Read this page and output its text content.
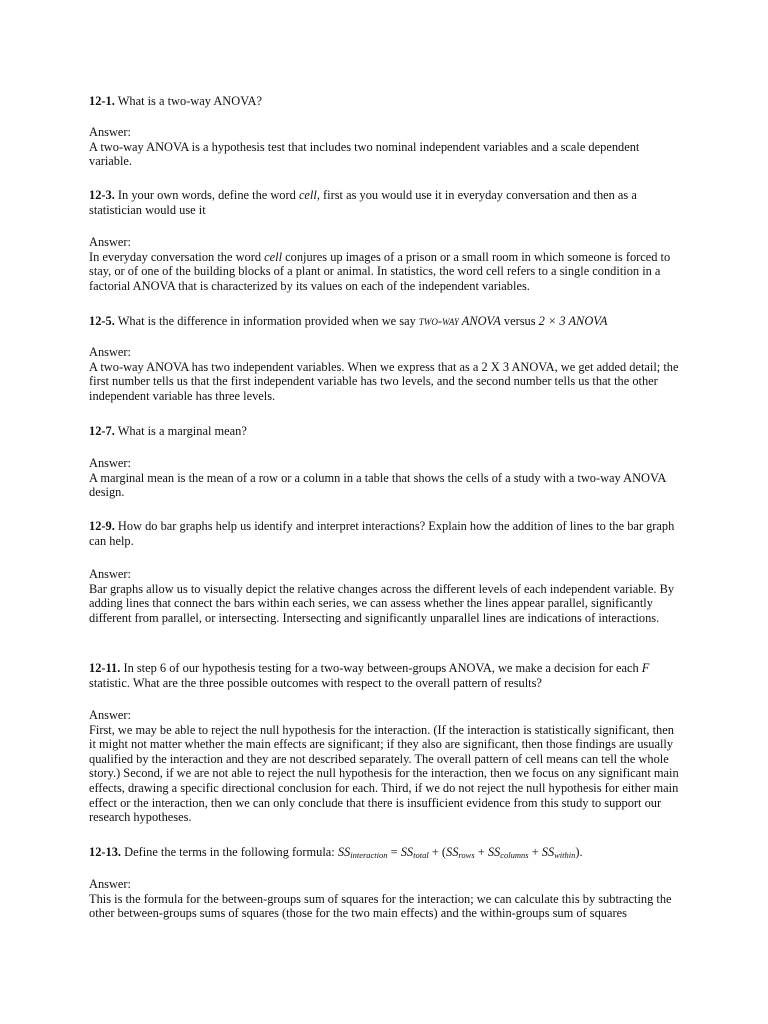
12-1. What is a two-way ANOVA?
Answer:
A two-way ANOVA is a hypothesis test that includes two nominal independent variables and a scale dependent variable.
12-3. In your own words, define the word cell, first as you would use it in everyday conversation and then as a statistician would use it
Answer:
In everyday conversation the word cell conjures up images of a prison or a small room in which someone is forced to stay, or of one of the building blocks of a plant or animal. In statistics, the word cell refers to a single condition in a factorial ANOVA that is characterized by its values on each of the independent variables.
12-5. What is the difference in information provided when we say two-way ANOVA versus 2 × 3 ANOVA
Answer:
A two-way ANOVA has two independent variables. When we express that as a 2 X 3 ANOVA, we get added detail; the first number tells us that the first independent variable has two levels, and the second number tells us that the other independent variable has three levels.
12-7. What is a marginal mean?
Answer:
A marginal mean is the mean of a row or a column in a table that shows the cells of a study with a two-way ANOVA design.
12-9. How do bar graphs help us identify and interpret interactions? Explain how the addition of lines to the bar graph can help.
Answer:
Bar graphs allow us to visually depict the relative changes across the different levels of each independent variable. By adding lines that connect the bars within each series, we can assess whether the lines appear parallel, significantly different from parallel, or intersecting. Intersecting and significantly unparallel lines are indications of interactions.
12-11. In step 6 of our hypothesis testing for a two-way between-groups ANOVA, we make a decision for each F statistic. What are the three possible outcomes with respect to the overall pattern of results?
Answer:
First, we may be able to reject the null hypothesis for the interaction. (If the interaction is statistically significant, then it might not matter whether the main effects are significant; if they also are significant, then those findings are usually qualified by the interaction and they are not described separately. The overall pattern of cell means can tell the whole story.) Second, if we are not able to reject the null hypothesis for the interaction, then we focus on any significant main effects, drawing a specific directional conclusion for each. Third, if we do not reject the null hypothesis for either main effect or the interaction, then we can only conclude that there is insufficient evidence from this study to support our research hypotheses.
12-13. Define the terms in the following formula: $SS_{interaction} = SS_{total} + (SS_{rows} + SS_{columns} + SS_{within})$.
Answer:
This is the formula for the between-groups sum of squares for the interaction; we can calculate this by subtracting the other between-groups sums of squares (those for the two main effects) and the within-groups sum of squares
